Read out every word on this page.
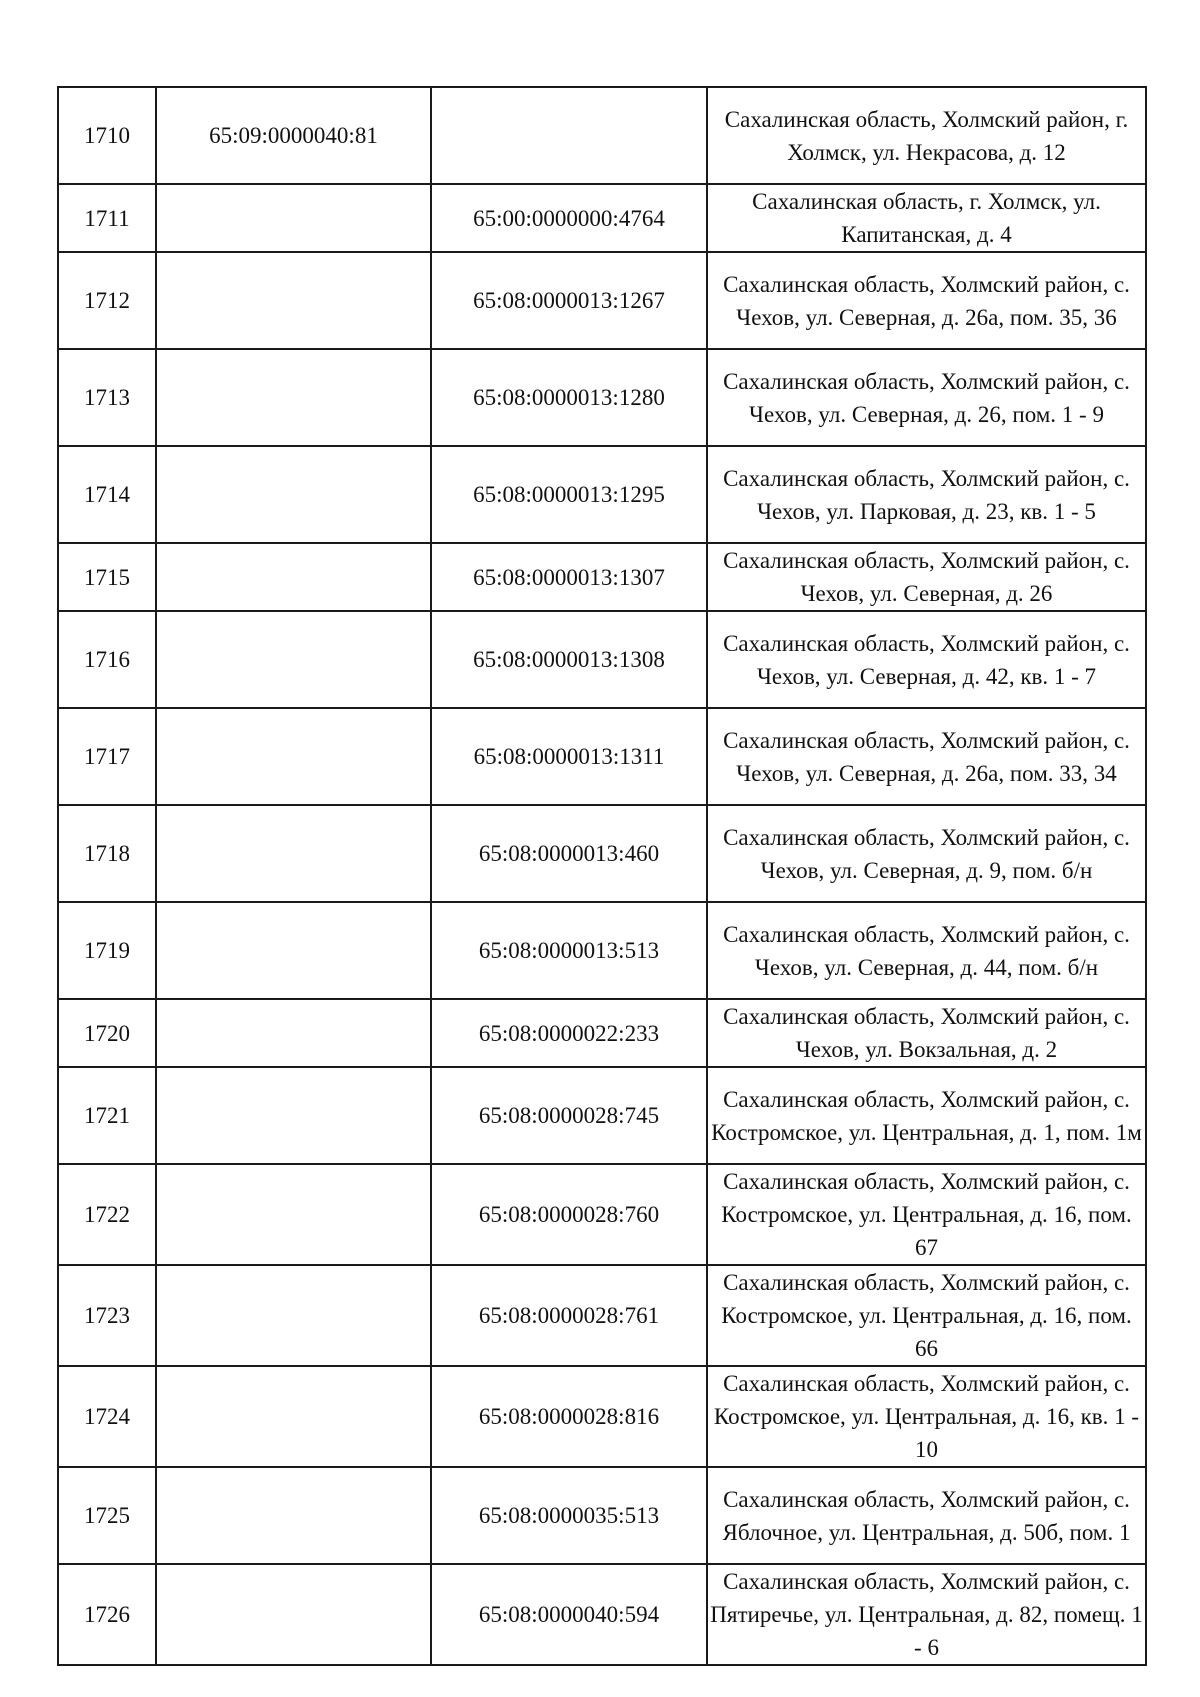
1710	65:09:0000040:81		Сахалинская область, Холмский район, г. Холмск, ул. Некрасова, д. 12
1711		65:00:0000000:4764	Сахалинская область, г. Холмск, ул. Капитанская, д. 4
1712		65:08:0000013:1267	Сахалинская область, Холмский район, с. Чехов, ул. Северная, д. 26а, пом. 35, 36
1713		65:08:0000013:1280	Сахалинская область, Холмский район, с. Чехов, ул. Северная, д. 26, пом. 1 - 9
1714		65:08:0000013:1295	Сахалинская область, Холмский район, с. Чехов, ул. Парковая, д. 23, кв. 1 - 5
1715		65:08:0000013:1307	Сахалинская область, Холмский район, с. Чехов, ул. Северная, д. 26
1716		65:08:0000013:1308	Сахалинская область, Холмский район, с. Чехов, ул. Северная, д. 42, кв. 1 - 7
1717		65:08:0000013:1311	Сахалинская область, Холмский район, с. Чехов, ул. Северная, д. 26а, пом. 33, 34
1718		65:08:0000013:460	Сахалинская область, Холмский район, с. Чехов, ул. Северная, д. 9, пом. б/н
1719		65:08:0000013:513	Сахалинская область, Холмский район, с. Чехов, ул. Северная, д. 44, пом. б/н
1720		65:08:0000022:233	Сахалинская область, Холмский район, с. Чехов, ул. Вокзальная, д. 2
1721		65:08:0000028:745	Сахалинская область, Холмский район, с. Костромское, ул. Центральная, д. 1, пом. 1м
1722		65:08:0000028:760	Сахалинская область, Холмский район, с. Костромское, ул. Центральная, д. 16, пом. 67
1723		65:08:0000028:761	Сахалинская область, Холмский район, с. Костромское, ул. Центральная, д. 16, пом. 66
1724		65:08:0000028:816	Сахалинская область, Холмский район, с. Костромское, ул. Центральная, д. 16, кв. 1 - 10
1725		65:08:0000035:513	Сахалинская область, Холмский район, с. Яблочное, ул. Центральная, д. 50б, пом. 1
1726		65:08:0000040:594	Сахалинская область, Холмский район, с. Пятиречье, ул. Центральная, д. 82, помещ. 1 - 6
